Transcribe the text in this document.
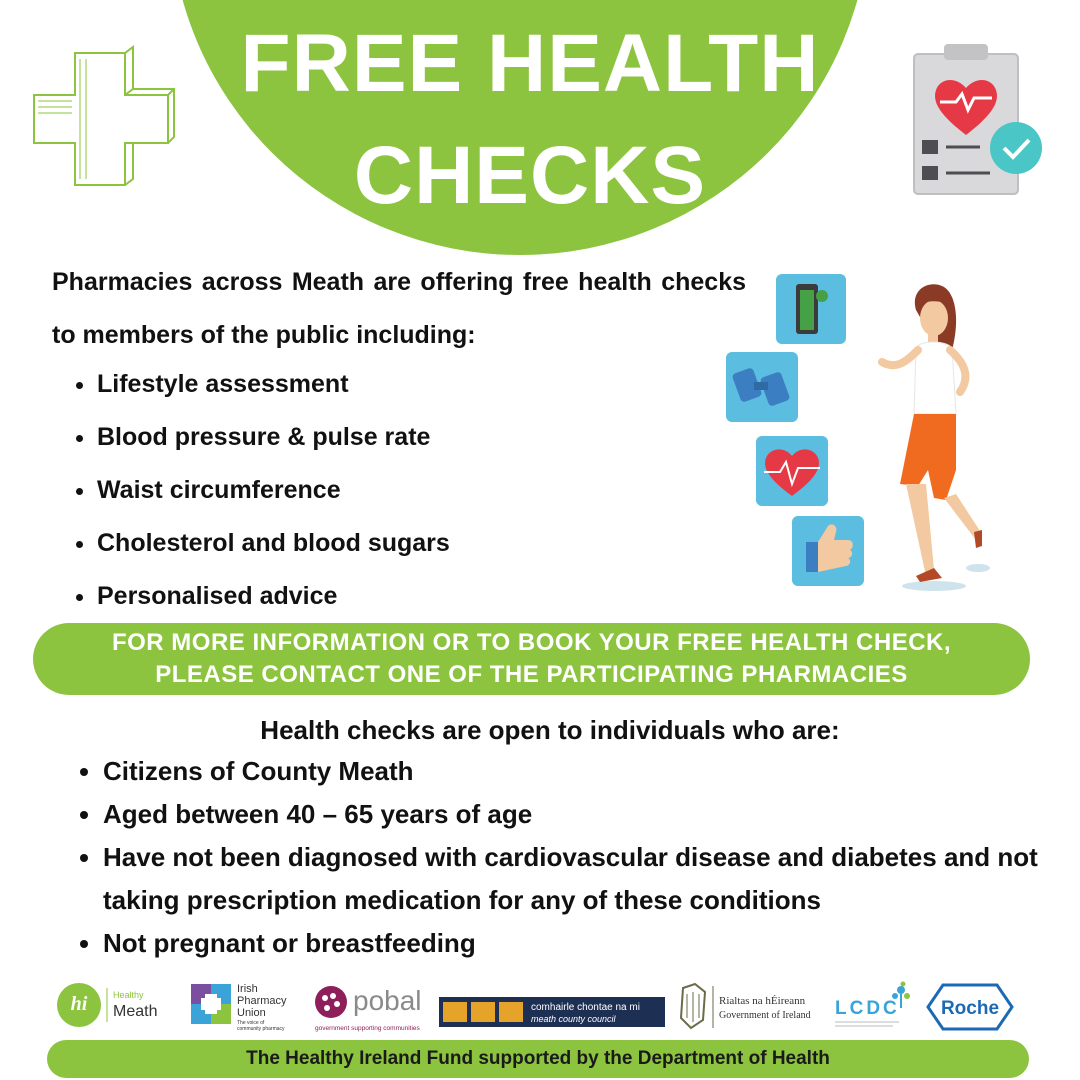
FREE HEALTH
CHECKS
Pharmacies across Meath are offering free health checks to members of the public including:
• Lifestyle assessment
• Blood pressure & pulse rate
• Waist circumference
• Cholesterol and blood sugars
• Personalised advice
FOR MORE INFORMATION OR TO BOOK YOUR FREE HEALTH CHECK,
PLEASE CONTACT ONE OF THE PARTICIPATING PHARMACIES
Health checks are open to individuals who are:
• Citizens of County Meath
• Aged between 40 – 65 years of age
• Have not been diagnosed with cardiovascular disease and diabetes and not taking prescription medication for any of these conditions
• Not pregnant or breastfeeding
hi	Healthy
Meath
Irish
Pharmacy
Union
The voice of
community pharmacy
pobal
government supporting communities
comhairle chontae na mi
meath county council
Rialtas na hÉireann
Government of Ireland LCDC Roche
The Healthy Ireland Fund supported by the Department of Health
